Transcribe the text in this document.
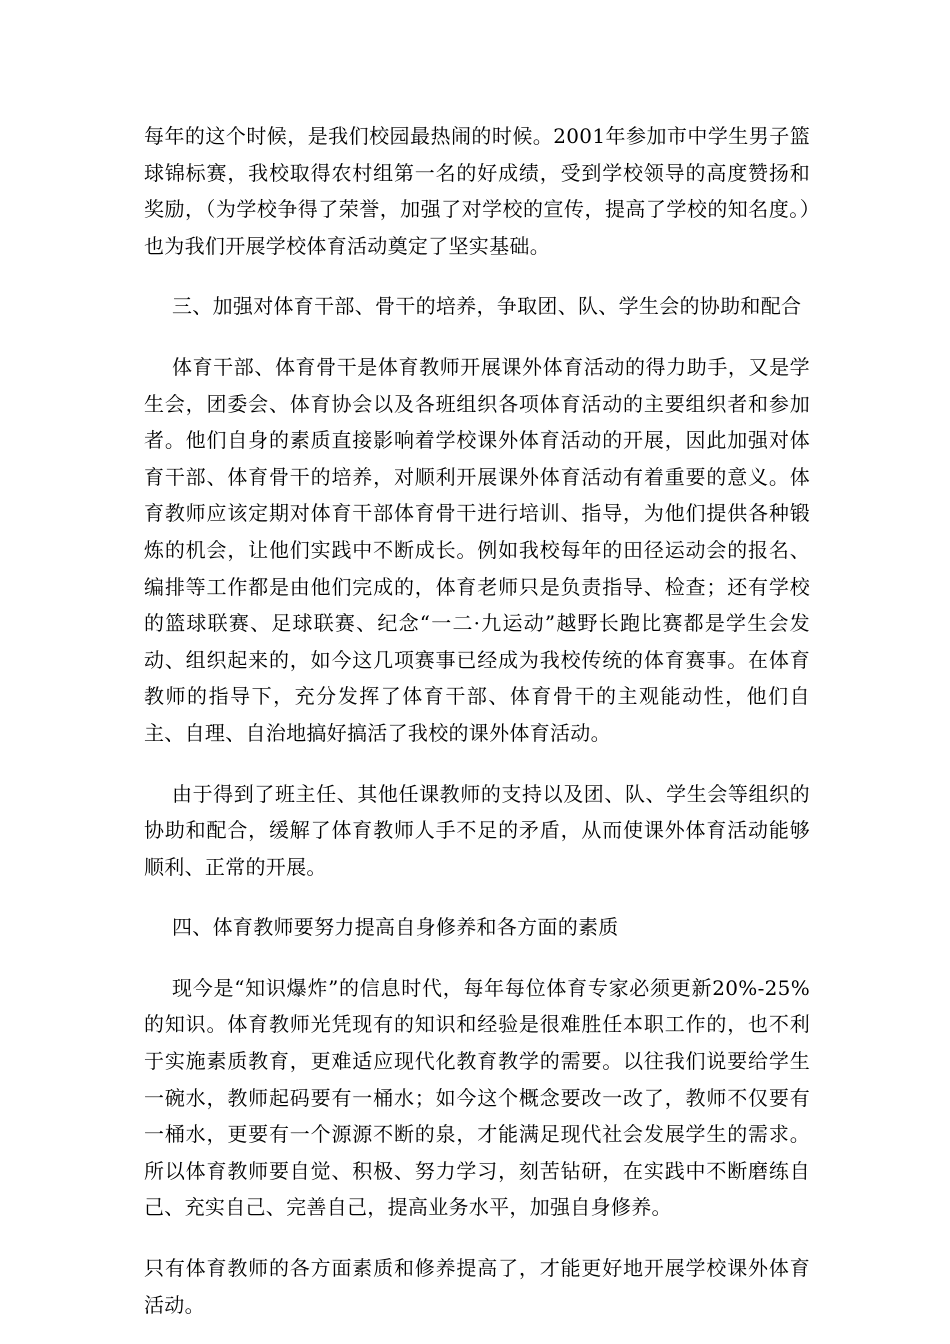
每年的这个时候，是我们校园最热闹的时候。2001年参加市中学生男子篮球锦标赛，我校取得农村组第一名的好成绩，受到学校领导的高度赞扬和奖励，（为学校争得了荣誉，加强了对学校的宣传，提高了学校的知名度。）也为我们开展学校体育活动奠定了坚实基础。

三、加强对体育干部、骨干的培养，争取团、队、学生会的协助和配合

体育干部、体育骨干是体育教师开展课外体育活动的得力助手，又是学生会，团委会、体育协会以及各班组织各项体育活动的主要组织者和参加者。他们自身的素质直接影响着学校课外体育活动的开展，因此加强对体育干部、体育骨干的培养，对顺利开展课外体育活动有着重要的意义。体育教师应该定期对体育干部体育骨干进行培训、指导，为他们提供各种锻炼的机会，让他们实践中不断成长。例如我校每年的田径运动会的报名、编排等工作都是由他们完成的，体育老师只是负责指导、检查；还有学校的篮球联赛、足球联赛、纪念“一二·九运动”越野长跑比赛都是学生会发动、组织起来的，如今这几项赛事已经成为我校传统的体育赛事。在体育教师的指导下，充分发挥了体育干部、体育骨干的主观能动性，他们自主、自理、自治地搞好搞活了我校的课外体育活动。

由于得到了班主任、其他任课教师的支持以及团、队、学生会等组织的协助和配合，缓解了体育教师人手不足的矛盾，从而使课外体育活动能够顺利、正常的开展。

四、体育教师要努力提高自身修养和各方面的素质

现今是“知识爆炸”的信息时代，每年每位体育专家必须更新20%-25%的知识。体育教师光凭现有的知识和经验是很难胜任本职工作的，也不利于实施素质教育，更难适应现代化教育教学的需要。以往我们说要给学生一碗水，教师起码要有一桶水；如今这个概念要改一改了，教师不仅要有一桶水，更要有一个源源不断的泉，才能满足现代社会发展学生的需求。所以体育教师要自觉、积极、努力学习，刻苦钻研，在实践中不断磨练自己、充实自己、完善自己，提高业务水平，加强自身修养。

只有体育教师的各方面素质和修养提高了，才能更好地开展学校课外体育活动。
